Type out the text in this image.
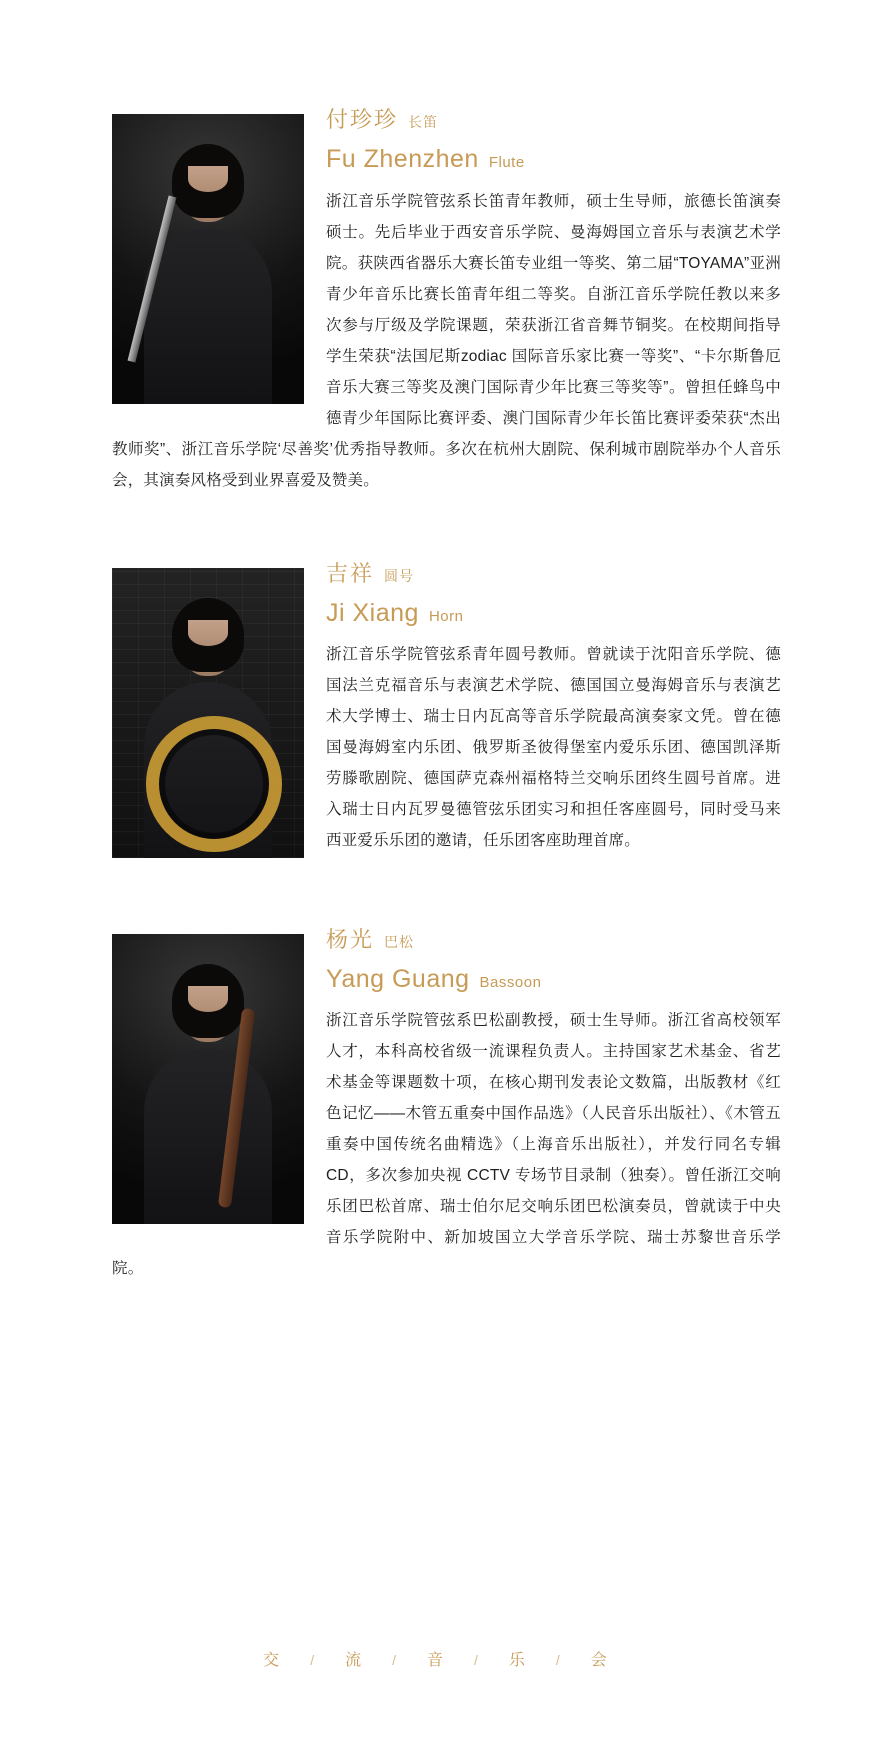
付珍珍 长笛

Fu Zhenzhen Flute

浙江音乐学院管弦系长笛青年教师，硕士生导师，旅德长笛演奏硕士。先后毕业于西安音乐学院、曼海姆国立音乐与表演艺术学院。获陕西省器乐大赛长笛专业组一等奖、第二届“TOYAMA”亚洲青少年音乐比赛长笛青年组二等奖。自浙江音乐学院任教以来多次参与厅级及学院课题，荣获浙江省音舞节铜奖。在校期间指导学生荣获“法国尼斯zodiac 国际音乐家比赛一等奖”、“卡尔斯鲁厄音乐大赛三等奖及澳门国际青少年比赛三等奖等”。曾担任蜂鸟中德青少年国际比赛评委、澳门国际青少年长笛比赛评委荣获“杰出教师奖”、浙江音乐学院‘尽善奖’优秀指导教师。多次在杭州大剧院、保利城市剧院举办个人音乐会，其演奏风格受到业界喜爱及赞美。

吉祥 圆号

Ji Xiang Horn

浙江音乐学院管弦系青年圆号教师。曾就读于沈阳音乐学院、德国法兰克福音乐与表演艺术学院、德国国立曼海姆音乐与表演艺术大学博士、瑞士日内瓦高等音乐学院最高演奏家文凭。曾在德国曼海姆室内乐团、俄罗斯圣彼得堡室内爱乐乐团、德国凯泽斯劳滕歌剧院、德国萨克森州福格特兰交响乐团终生圆号首席。进入瑞士日内瓦罗曼德管弦乐团实习和担任客座圆号，同时受马来西亚爱乐乐团的邀请，任乐团客座助理首席。

杨光 巴松

Yang Guang Bassoon

浙江音乐学院管弦系巴松副教授，硕士生导师。浙江省高校领军人才，本科高校省级一流课程负责人。主持国家艺术基金、省艺术基金等课题数十项，在核心期刊发表论文数篇，出版教材《红色记忆——木管五重奏中国作品选》（人民音乐出版社）、《木管五重奏中国传统名曲精选》（上海音乐出版社），并发行同名专辑 CD，多次参加央视 CCTV 专场节目录制（独奏）。曾任浙江交响乐团巴松首席、瑞士伯尔尼交响乐团巴松演奏员，曾就读于中央音乐学院附中、新加坡国立大学音乐学院、瑞士苏黎世音乐学院。
交 / 流 / 音 / 乐 / 会
